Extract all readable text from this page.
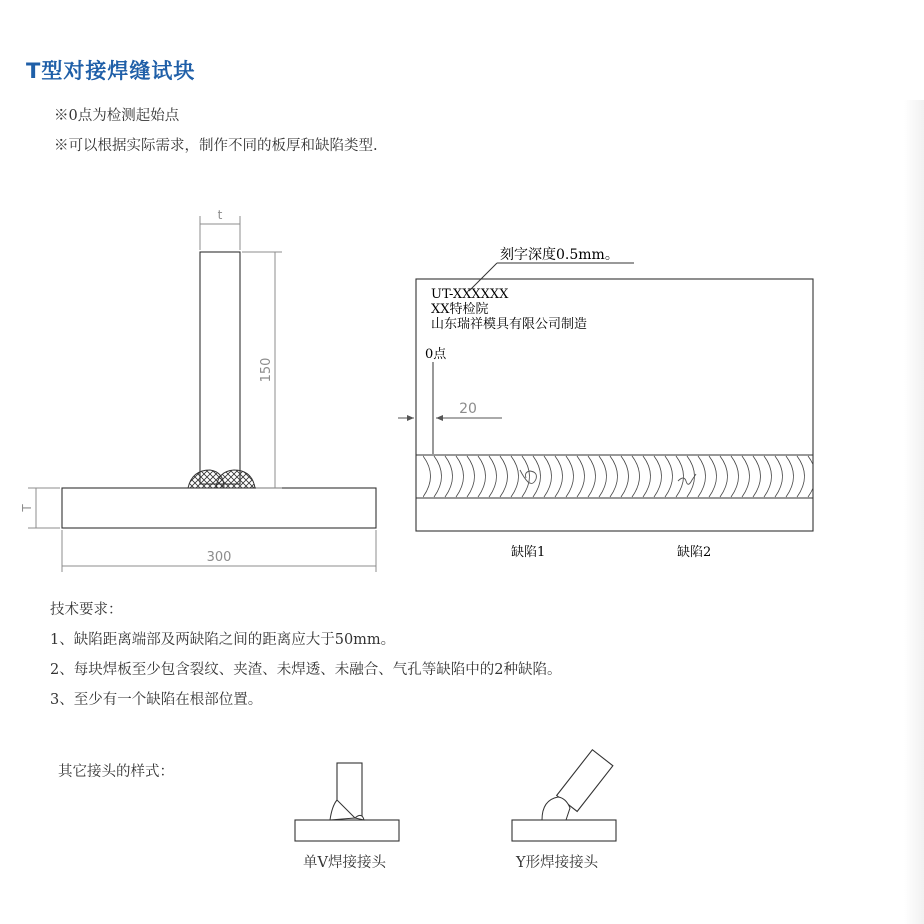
T型对接焊缝试块
※0点为检测起始点
※可以根据实际需求，制作不同的板厚和缺陷类型.
t
150
T
300
刻字深度0.5mm。
UT-XXXXXX
XX特检院
山东瑞祥模具有限公司制造
0点
20
缺陷1	缺陷2
技术要求：
1、缺陷距离端部及两缺陷之间的距离应大于50mm。
2、每块焊板至少包含裂纹、夹渣、未焊透、未融合、气孔等缺陷中的2种缺陷。
3、至少有一个缺陷在根部位置。
其它接头的样式：
单V焊接接头	Y形焊接接头
